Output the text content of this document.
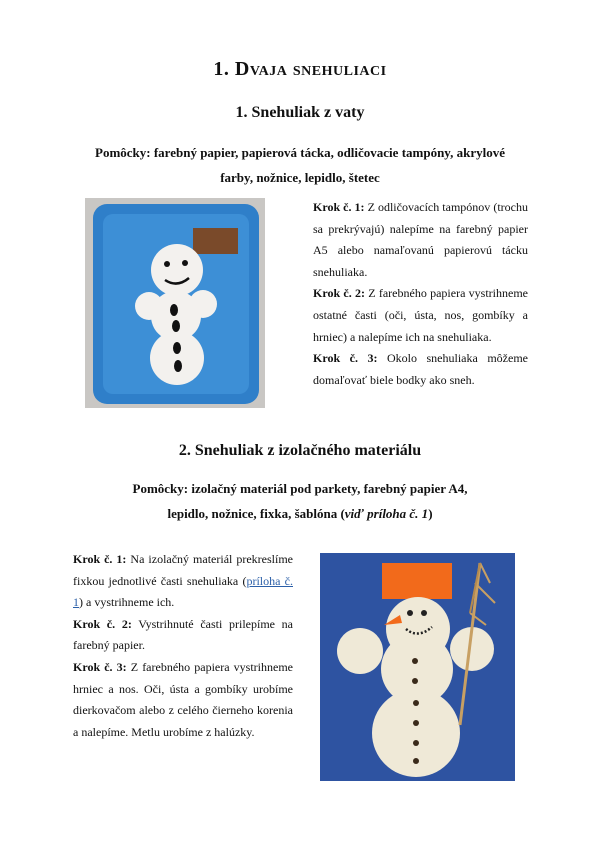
1. Dvaja snehuliaci
1. Snehuliak z vaty
Pomôcky: farebný papier, papierová tácka, odličovacie tampóny, akrylové
farby, nožnice, lepidlo, štetec

Krok č. 1: Z odličovacích tampónov (trochu sa prekrývajú) nalepíme na farebný papier A5 alebo namaľovanú papierovú tácku snehuliaka.

Krok č. 2: Z farebného papiera vystrihneme ostatné časti (oči, ústa, nos, gombíky a hrniec) a nalepíme ich na snehuliaka.

Krok č. 3: Okolo snehuliaka môžeme domaľovať biele bodky ako sneh.

2. Snehuliak z izolačného materiálu
Pomôcky: izolačný materiál pod parkety, farebný papier A4,
lepidlo, nožnice, fixka, šablóna (viď príloha č. 1)

Krok č. 1: Na izolačný materiál prekreslíme fixkou jednotlivé časti snehuliaka (príloha č. 1) a vystrihneme ich.

Krok č. 2: Vystrihnuté časti prilepíme na farebný papier.

Krok č. 3: Z farebného papiera vystrihneme hrniec a nos. Oči, ústa a gombíky urobíme dierkovačom alebo z celého čierneho korenia a nalepíme. Metlu urobíme z halúzky.
